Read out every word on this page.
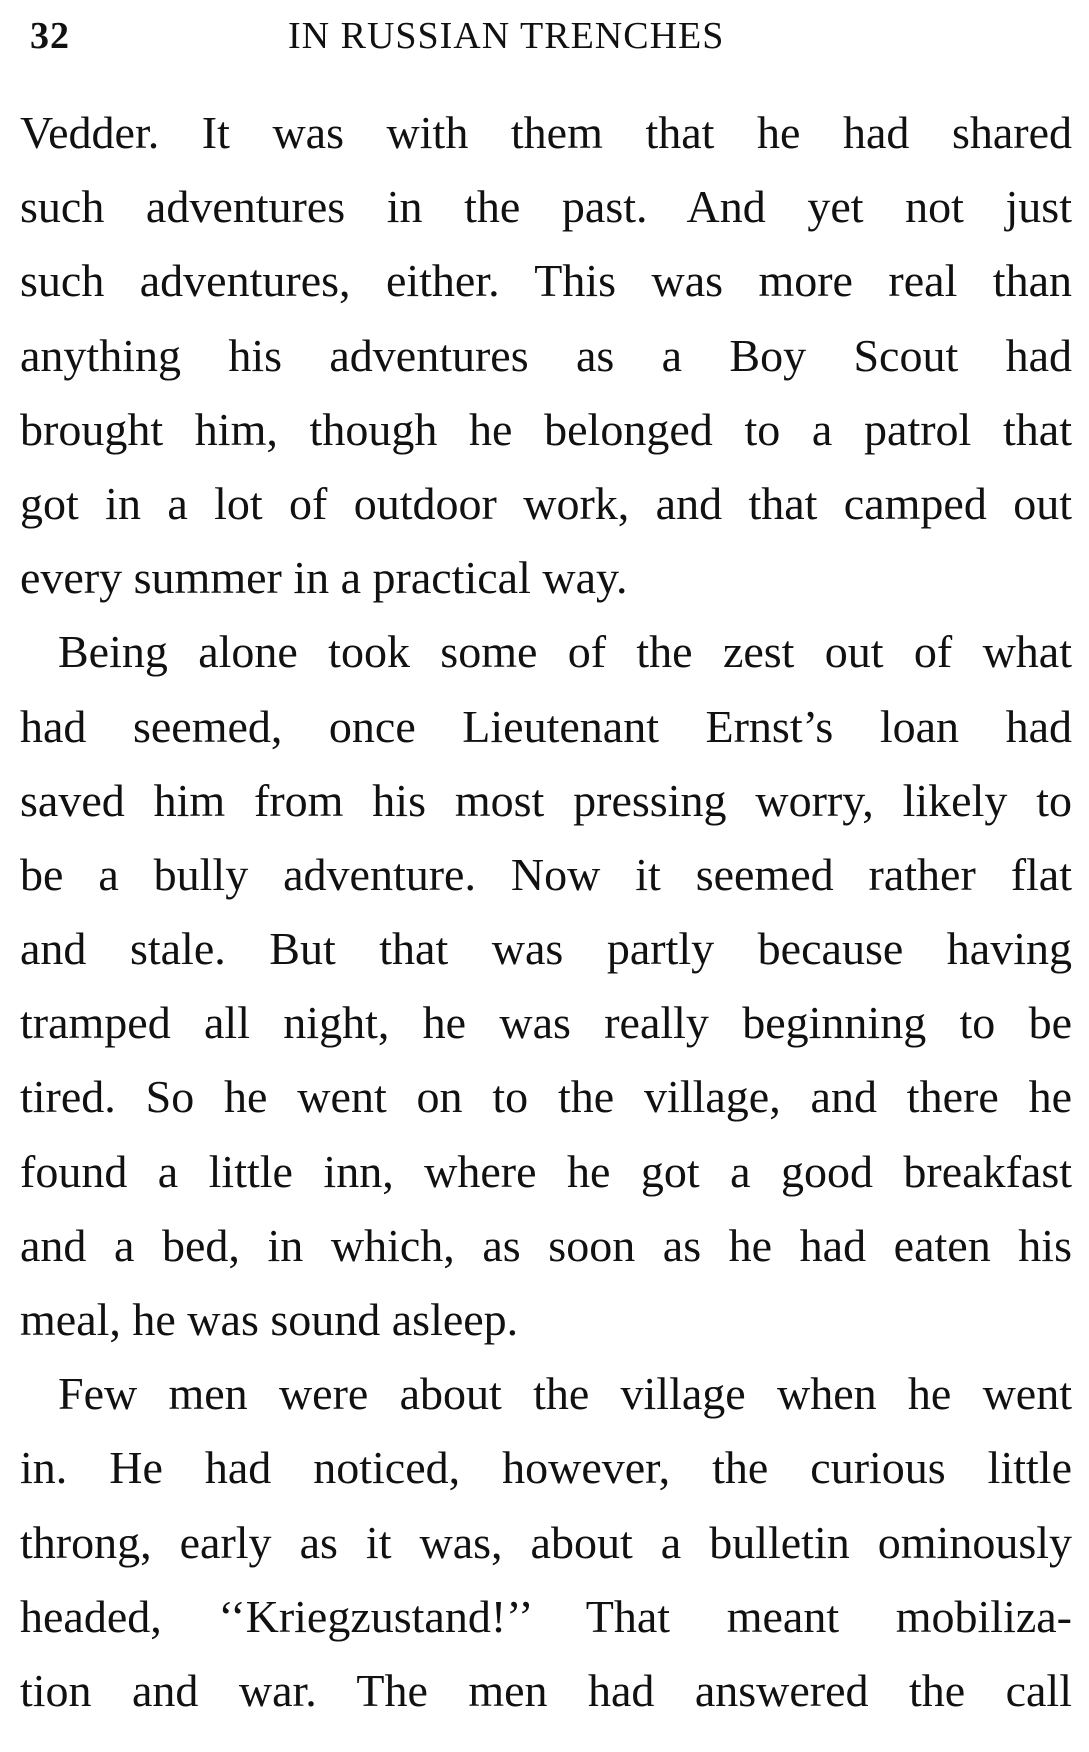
32	IN RUSSIAN TRENCHES
Vedder. It was with them that he had shared
such adventures in the past. And yet not just
such adventures, either. This was more real than
anything his adventures as a Boy Scout had
brought him, though he belonged to a patrol that
got in a lot of outdoor work, and that camped out
every summer in a practical way.
Being alone took some of the zest out of what
had seemed, once Lieutenant Ernst’s loan had
saved him from his most pressing worry, likely to
be a bully adventure. Now it seemed rather flat
and stale. But that was partly because having
tramped all night, he was really beginning to be
tired. So he went on to the village, and there he
found a little inn, where he got a good breakfast
and a bed, in which, as soon as he had eaten his
meal, he was sound asleep.
Few men were about the village when he went
in. He had noticed, however, the curious little
throng, early as it was, about a bulletin ominously
headed, ‘‘Kriegzustand!’’ That meant mobiliza-
tion and war. The men had answered the call
